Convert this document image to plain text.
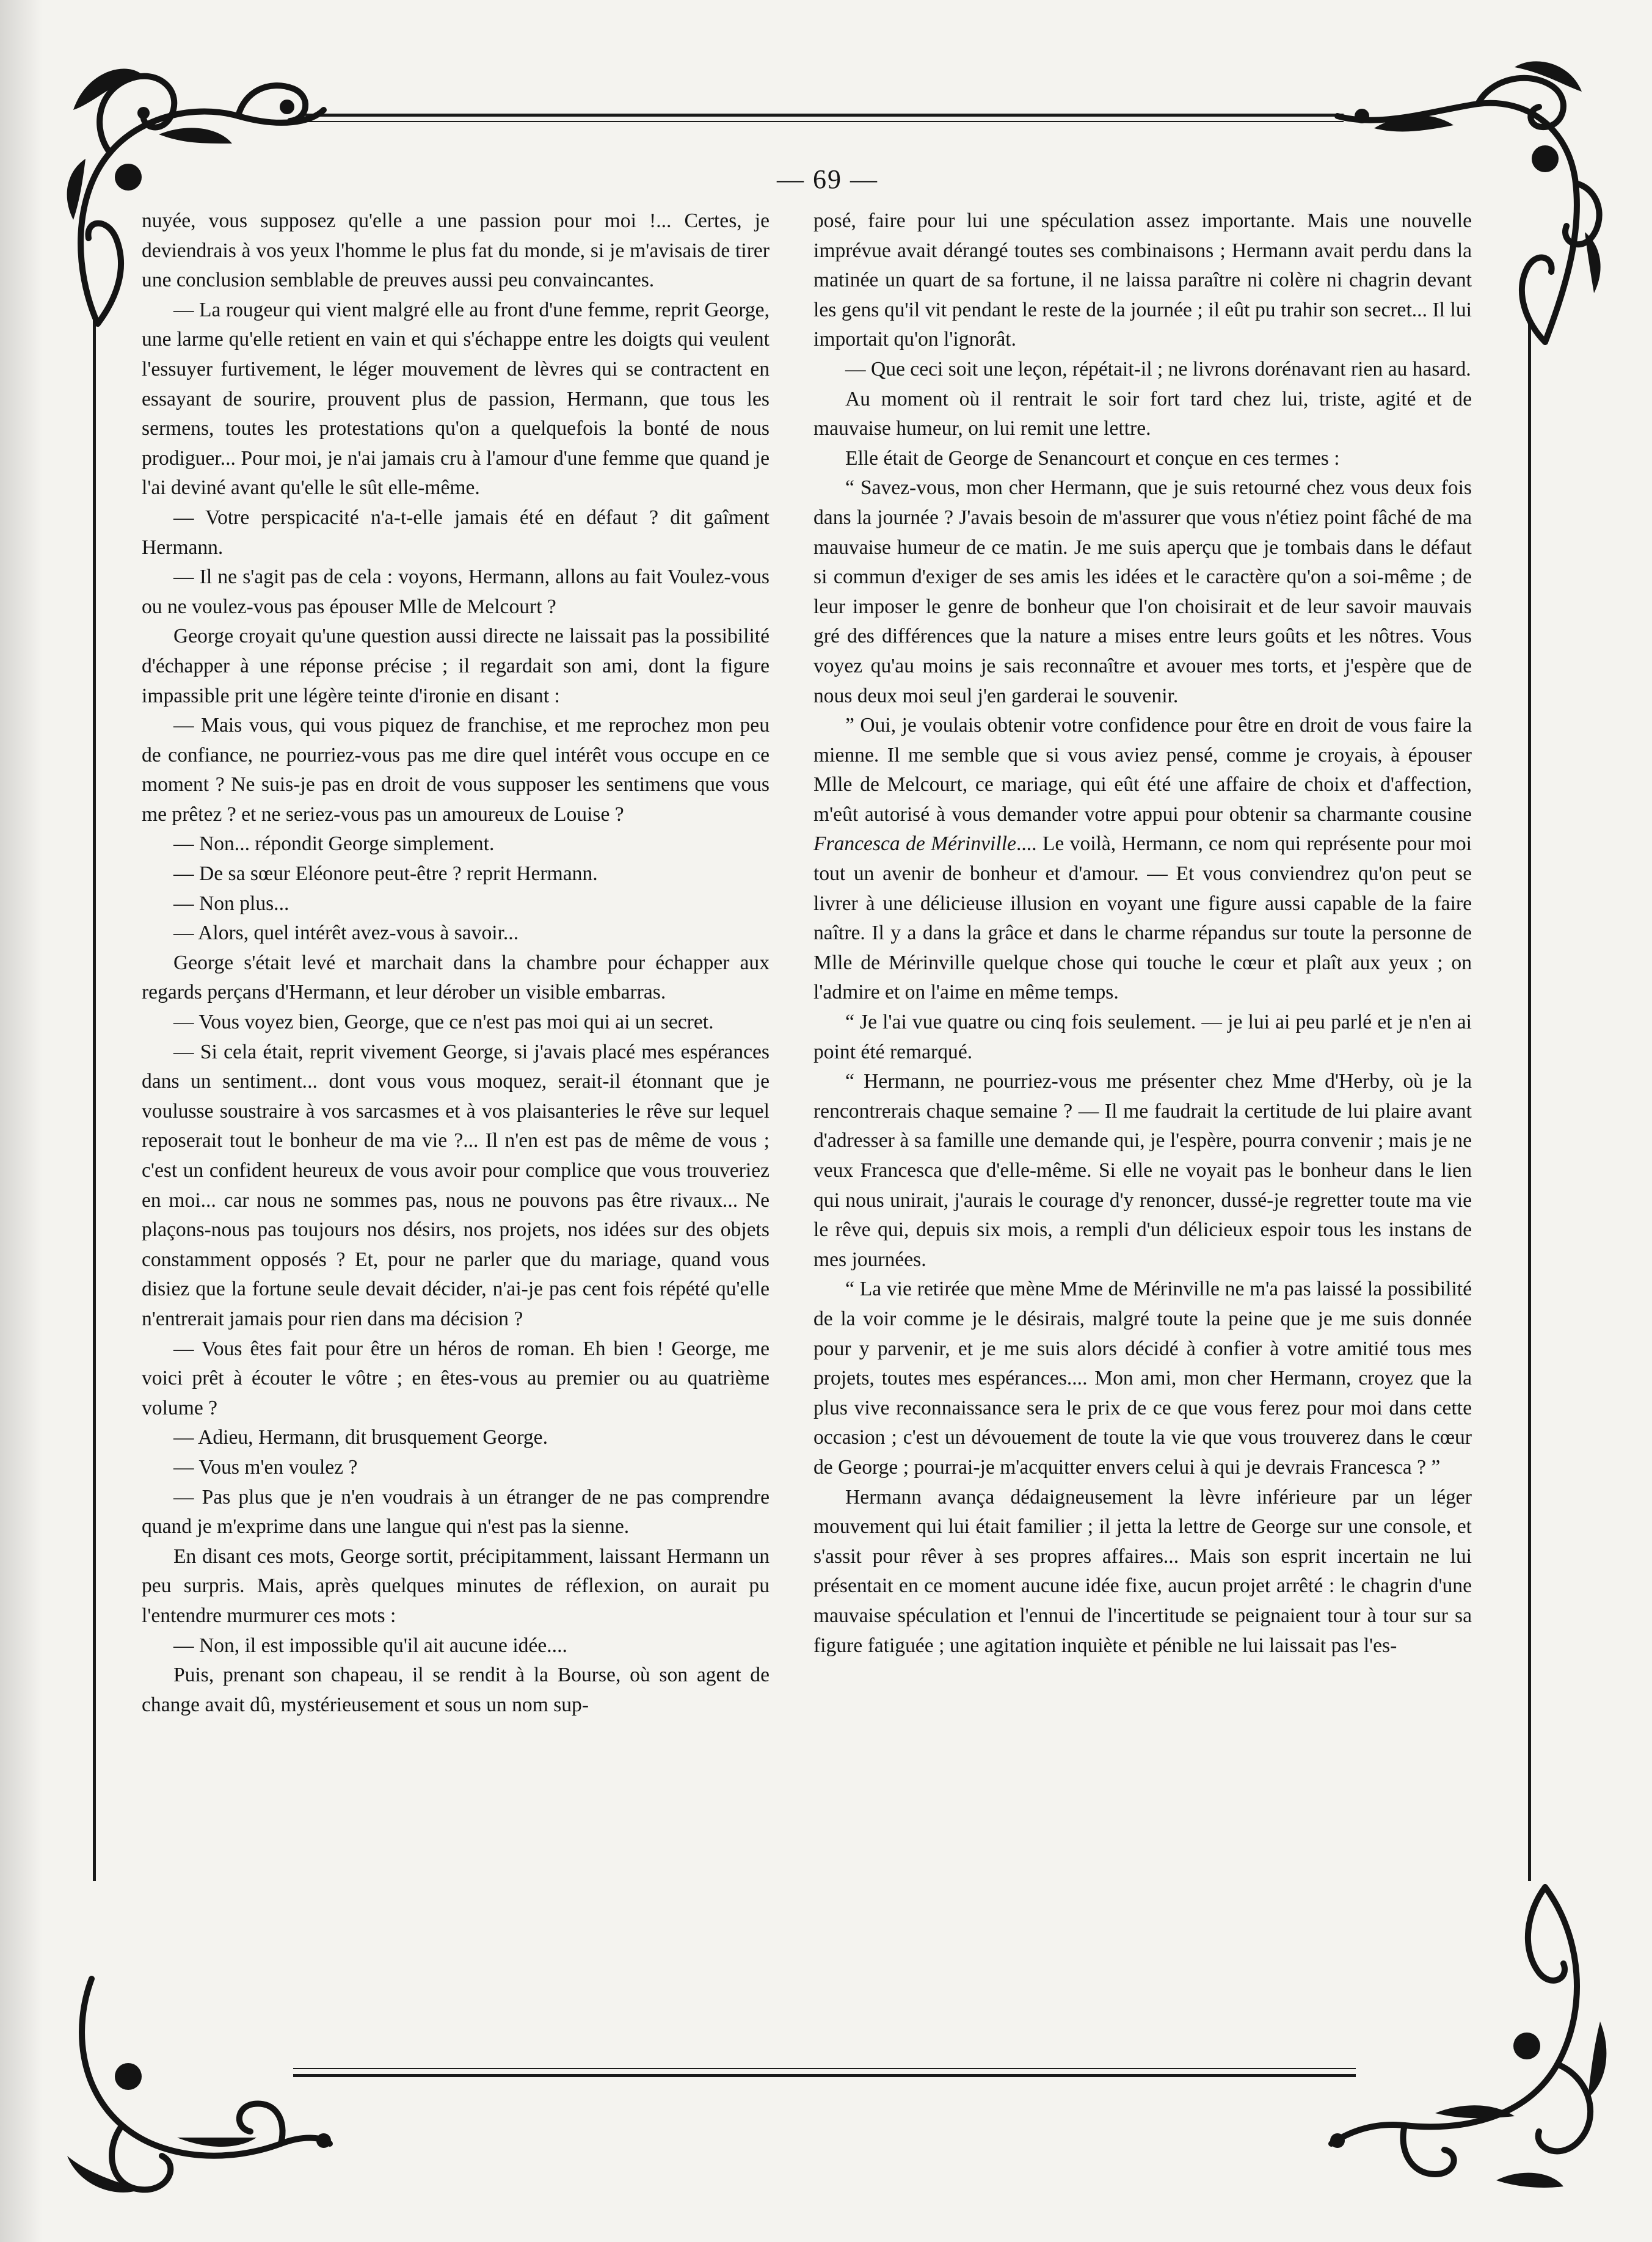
— 69 —

nuyée, vous supposez qu'elle a une passion pour moi !... Certes, je deviendrais à vos yeux l'homme le plus fat du monde, si je m'avisais de tirer une conclusion semblable de preuves aussi peu convaincantes.

— La rougeur qui vient malgré elle au front d'une femme, reprit George, une larme qu'elle retient en vain et qui s'échappe entre les doigts qui veulent l'essuyer furtivement, le léger mouvement de lèvres qui se contractent en essayant de sourire, prouvent plus de passion, Hermann, que tous les sermens, toutes les protestations qu'on a quelquefois la bonté de nous prodiguer... Pour moi, je n'ai jamais cru à l'amour d'une femme que quand je l'ai deviné avant qu'elle le sût elle-même.

— Votre perspicacité n'a-t-elle jamais été en défaut ? dit gaîment Hermann.

— Il ne s'agit pas de cela : voyons, Hermann, allons au fait Voulez-vous ou ne voulez-vous pas épouser Mlle de Melcourt ?

George croyait qu'une question aussi directe ne laissait pas la possibilité d'échapper à une réponse précise ; il regardait son ami, dont la figure impassible prit une légère teinte d'ironie en disant :

— Mais vous, qui vous piquez de franchise, et me reprochez mon peu de confiance, ne pourriez-vous pas me dire quel intérêt vous occupe en ce moment ? Ne suis-je pas en droit de vous supposer les sentimens que vous me prêtez ? et ne seriez-vous pas un amoureux de Louise ?

— Non... répondit George simplement.

— De sa sœur Eléonore peut-être ? reprit Hermann.

— Non plus...

— Alors, quel intérêt avez-vous à savoir...

George s'était levé et marchait dans la chambre pour échapper aux regards perçans d'Hermann, et leur dérober un visible embarras.

— Vous voyez bien, George, que ce n'est pas moi qui ai un secret.

— Si cela était, reprit vivement George, si j'avais placé mes espérances dans un sentiment... dont vous vous moquez, serait-il étonnant que je voulusse soustraire à vos sarcasmes et à vos plaisanteries le rêve sur lequel reposerait tout le bonheur de ma vie ?... Il n'en est pas de même de vous ; c'est un confident heureux de vous avoir pour complice que vous trouveriez en moi... car nous ne sommes pas, nous ne pouvons pas être rivaux... Ne plaçons-nous pas toujours nos désirs, nos projets, nos idées sur des objets constamment opposés ? Et, pour ne parler que du mariage, quand vous disiez que la fortune seule devait décider, n'ai-je pas cent fois répété qu'elle n'entrerait jamais pour rien dans ma décision ?

— Vous êtes fait pour être un héros de roman. Eh bien ! George, me voici prêt à écouter le vôtre ; en êtes-vous au premier ou au quatrième volume ?

— Adieu, Hermann, dit brusquement George.

— Vous m'en voulez ?

— Pas plus que je n'en voudrais à un étranger de ne pas comprendre quand je m'exprime dans une langue qui n'est pas la sienne.

En disant ces mots, George sortit, précipitamment, laissant Hermann un peu surpris. Mais, après quelques minutes de réflexion, on aurait pu l'entendre murmurer ces mots :

— Non, il est impossible qu'il ait aucune idée....

Puis, prenant son chapeau, il se rendit à la Bourse, où son agent de change avait dû, mystérieusement et sous un nom sup-

posé, faire pour lui une spéculation assez importante. Mais une nouvelle imprévue avait dérangé toutes ses combinaisons ; Hermann avait perdu dans la matinée un quart de sa fortune, il ne laissa paraître ni colère ni chagrin devant les gens qu'il vit pendant le reste de la journée ; il eût pu trahir son secret... Il lui importait qu'on l'ignorât.

— Que ceci soit une leçon, répétait-il ; ne livrons dorénavant rien au hasard.

Au moment où il rentrait le soir fort tard chez lui, triste, agité et de mauvaise humeur, on lui remit une lettre.

Elle était de George de Senancourt et conçue en ces termes :

“ Savez-vous, mon cher Hermann, que je suis retourné chez vous deux fois dans la journée ? J'avais besoin de m'assurer que vous n'étiez point fâché de ma mauvaise humeur de ce matin. Je me suis aperçu que je tombais dans le défaut si commun d'exiger de ses amis les idées et le caractère qu'on a soi-même ; de leur imposer le genre de bonheur que l'on choisirait et de leur savoir mauvais gré des différences que la nature a mises entre leurs goûts et les nôtres. Vous voyez qu'au moins je sais reconnaître et avouer mes torts, et j'espère que de nous deux moi seul j'en garderai le souvenir.

” Oui, je voulais obtenir votre confidence pour être en droit de vous faire la mienne. Il me semble que si vous aviez pensé, comme je croyais, à épouser Mlle de Melcourt, ce mariage, qui eût été une affaire de choix et d'affection, m'eût autorisé à vous demander votre appui pour obtenir sa charmante cousine Francesca de Mérinville.... Le voilà, Hermann, ce nom qui représente pour moi tout un avenir de bonheur et d'amour. — Et vous conviendrez qu'on peut se livrer à une délicieuse illusion en voyant une figure aussi capable de la faire naître. Il y a dans la grâce et dans le charme répandus sur toute la personne de Mlle de Mérinville quelque chose qui touche le cœur et plaît aux yeux ; on l'admire et on l'aime en même temps.

“ Je l'ai vue quatre ou cinq fois seulement. — je lui ai peu parlé et je n'en ai point été remarqué.

“ Hermann, ne pourriez-vous me présenter chez Mme d'Herby, où je la rencontrerais chaque semaine ? — Il me faudrait la certitude de lui plaire avant d'adresser à sa famille une demande qui, je l'espère, pourra convenir ; mais je ne veux Francesca que d'elle-même. Si elle ne voyait pas le bonheur dans le lien qui nous unirait, j'aurais le courage d'y renoncer, dussé-je regretter toute ma vie le rêve qui, depuis six mois, a rempli d'un délicieux espoir tous les instans de mes journées.

“ La vie retirée que mène Mme de Mérinville ne m'a pas laissé la possibilité de la voir comme je le désirais, malgré toute la peine que je me suis donnée pour y parvenir, et je me suis alors décidé à confier à votre amitié tous mes projets, toutes mes espérances.... Mon ami, mon cher Hermann, croyez que la plus vive reconnaissance sera le prix de ce que vous ferez pour moi dans cette occasion ; c'est un dévouement de toute la vie que vous trouverez dans le cœur de George ; pourrai-je m'acquitter envers celui à qui je devrais Francesca ? ”

Hermann avança dédaigneusement la lèvre inférieure par un léger mouvement qui lui était familier ; il jetta la lettre de George sur une console, et s'assit pour rêver à ses propres affaires... Mais son esprit incertain ne lui présentait en ce moment aucune idée fixe, aucun projet arrêté : le chagrin d'une mauvaise spéculation et l'ennui de l'incertitude se peignaient tour à tour sur sa figure fatiguée ; une agitation inquiète et pénible ne lui laissait pas l'es-
